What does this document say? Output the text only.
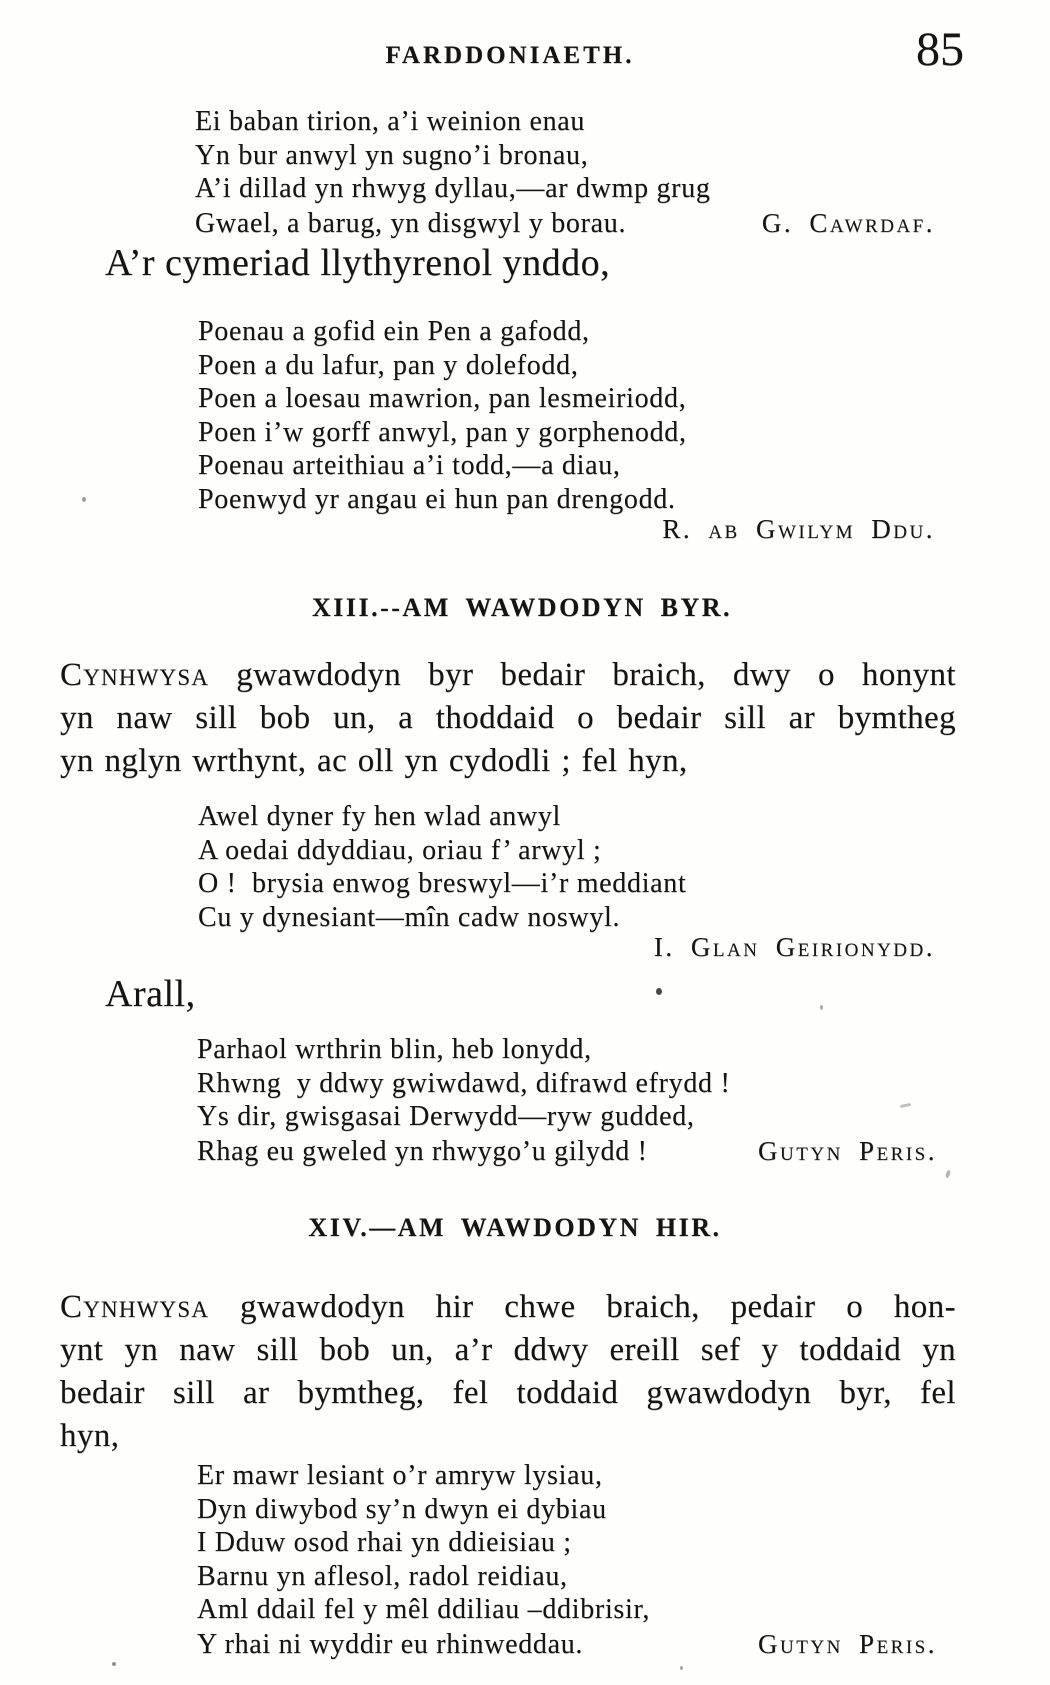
FARDDONIAETH.	85
Ei baban tirion, a’i weinion enau
Yn bur anwyl yn sugno’i bronau,
A’i dillad yn rhwyg dyllau,—ar dwmp grug
Gwael, a barug, yn disgwyl y borau.	G. Cawrdaf.
A’r cymeriad llythyrenol ynddo,
Poenau a gofid ein Pen a gafodd,
Poen a du lafur, pan y dolefodd,
Poen a loesau mawrion, pan lesmeiriodd,
Poen i’w gorff anwyl, pan y gorphenodd,
Poenau arteithiau a’i todd,—a diau,
Poenwyd yr angau ei hun pan drengodd.
R. ab Gwilym Ddu.
XIII.--AM WAWDODYN BYR.
Cynhwysa gwawdodyn byr bedair braich, dwy o honynt
yn naw sill bob un, a thoddaid o bedair sill ar bymtheg
yn nglyn wrthynt, ac oll yn cydodli ; fel hyn,
Awel dyner fy hen wlad anwyl
A oedai ddyddiau, oriau f’ arwyl ;
O !  brysia enwog breswyl—i’r meddiant
Cu y dynesiant—mîn cadw noswyl.
I. Glan Geirionydd.
Arall,
Parhaol wrthrin blin, heb lonydd,
Rhwng  y ddwy gwiwdawd, difrawd efrydd !
Ys dir, gwisgasai Derwydd—ryw gudded,
Rhag eu gweled yn rhwygo’u gilydd !	Gutyn Peris.
XIV.—AM WAWDODYN HIR.
Cynhwysa gwawdodyn hir chwe braich, pedair o hon-
ynt yn naw sill bob un, a’r ddwy ereill sef y toddaid yn
bedair sill ar bymtheg, fel toddaid gwawdodyn byr, fel
hyn,
Er mawr lesiant o’r amryw lysiau,
Dyn diwybod sy’n dwyn ei dybiau
I Dduw osod rhai yn ddieisiau ;
Barnu yn aflesol, radol reidiau,
Aml ddail fel y mêl ddiliau –ddibrisir,
Y rhai ni wyddir eu rhinweddau.	Gutyn Peris.
